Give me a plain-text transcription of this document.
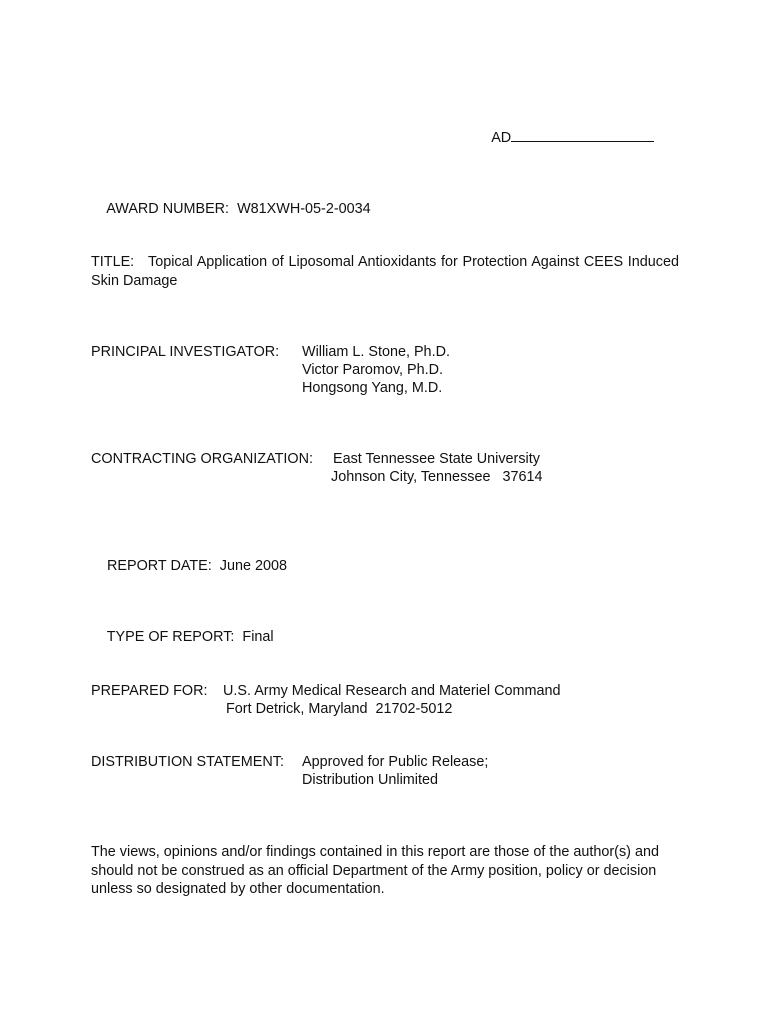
AD

AWARD NUMBER: W81XWH-05-2-0034

TITLE: Topical Application of Liposomal Antioxidants for Protection Against CEES Induced Skin Damage
PRINCIPAL INVESTIGATOR: William L. Stone, Ph.D.
Victor Paromov, Ph.D.
Hongsong Yang, M.D.
CONTRACTING ORGANIZATION: East Tennessee State University
Johnson City, Tennessee   37614

REPORT DATE: June 2008

TYPE OF REPORT: Final

PREPARED FOR: U.S. Army Medical Research and Materiel Command
Fort Detrick, Maryland  21702-5012
DISTRIBUTION STATEMENT: Approved for Public Release;
Distribution Unlimited
The views, opinions and/or findings contained in this report are those of the author(s) and should not be construed as an official Department of the Army position, policy or decision unless so designated by other documentation.
